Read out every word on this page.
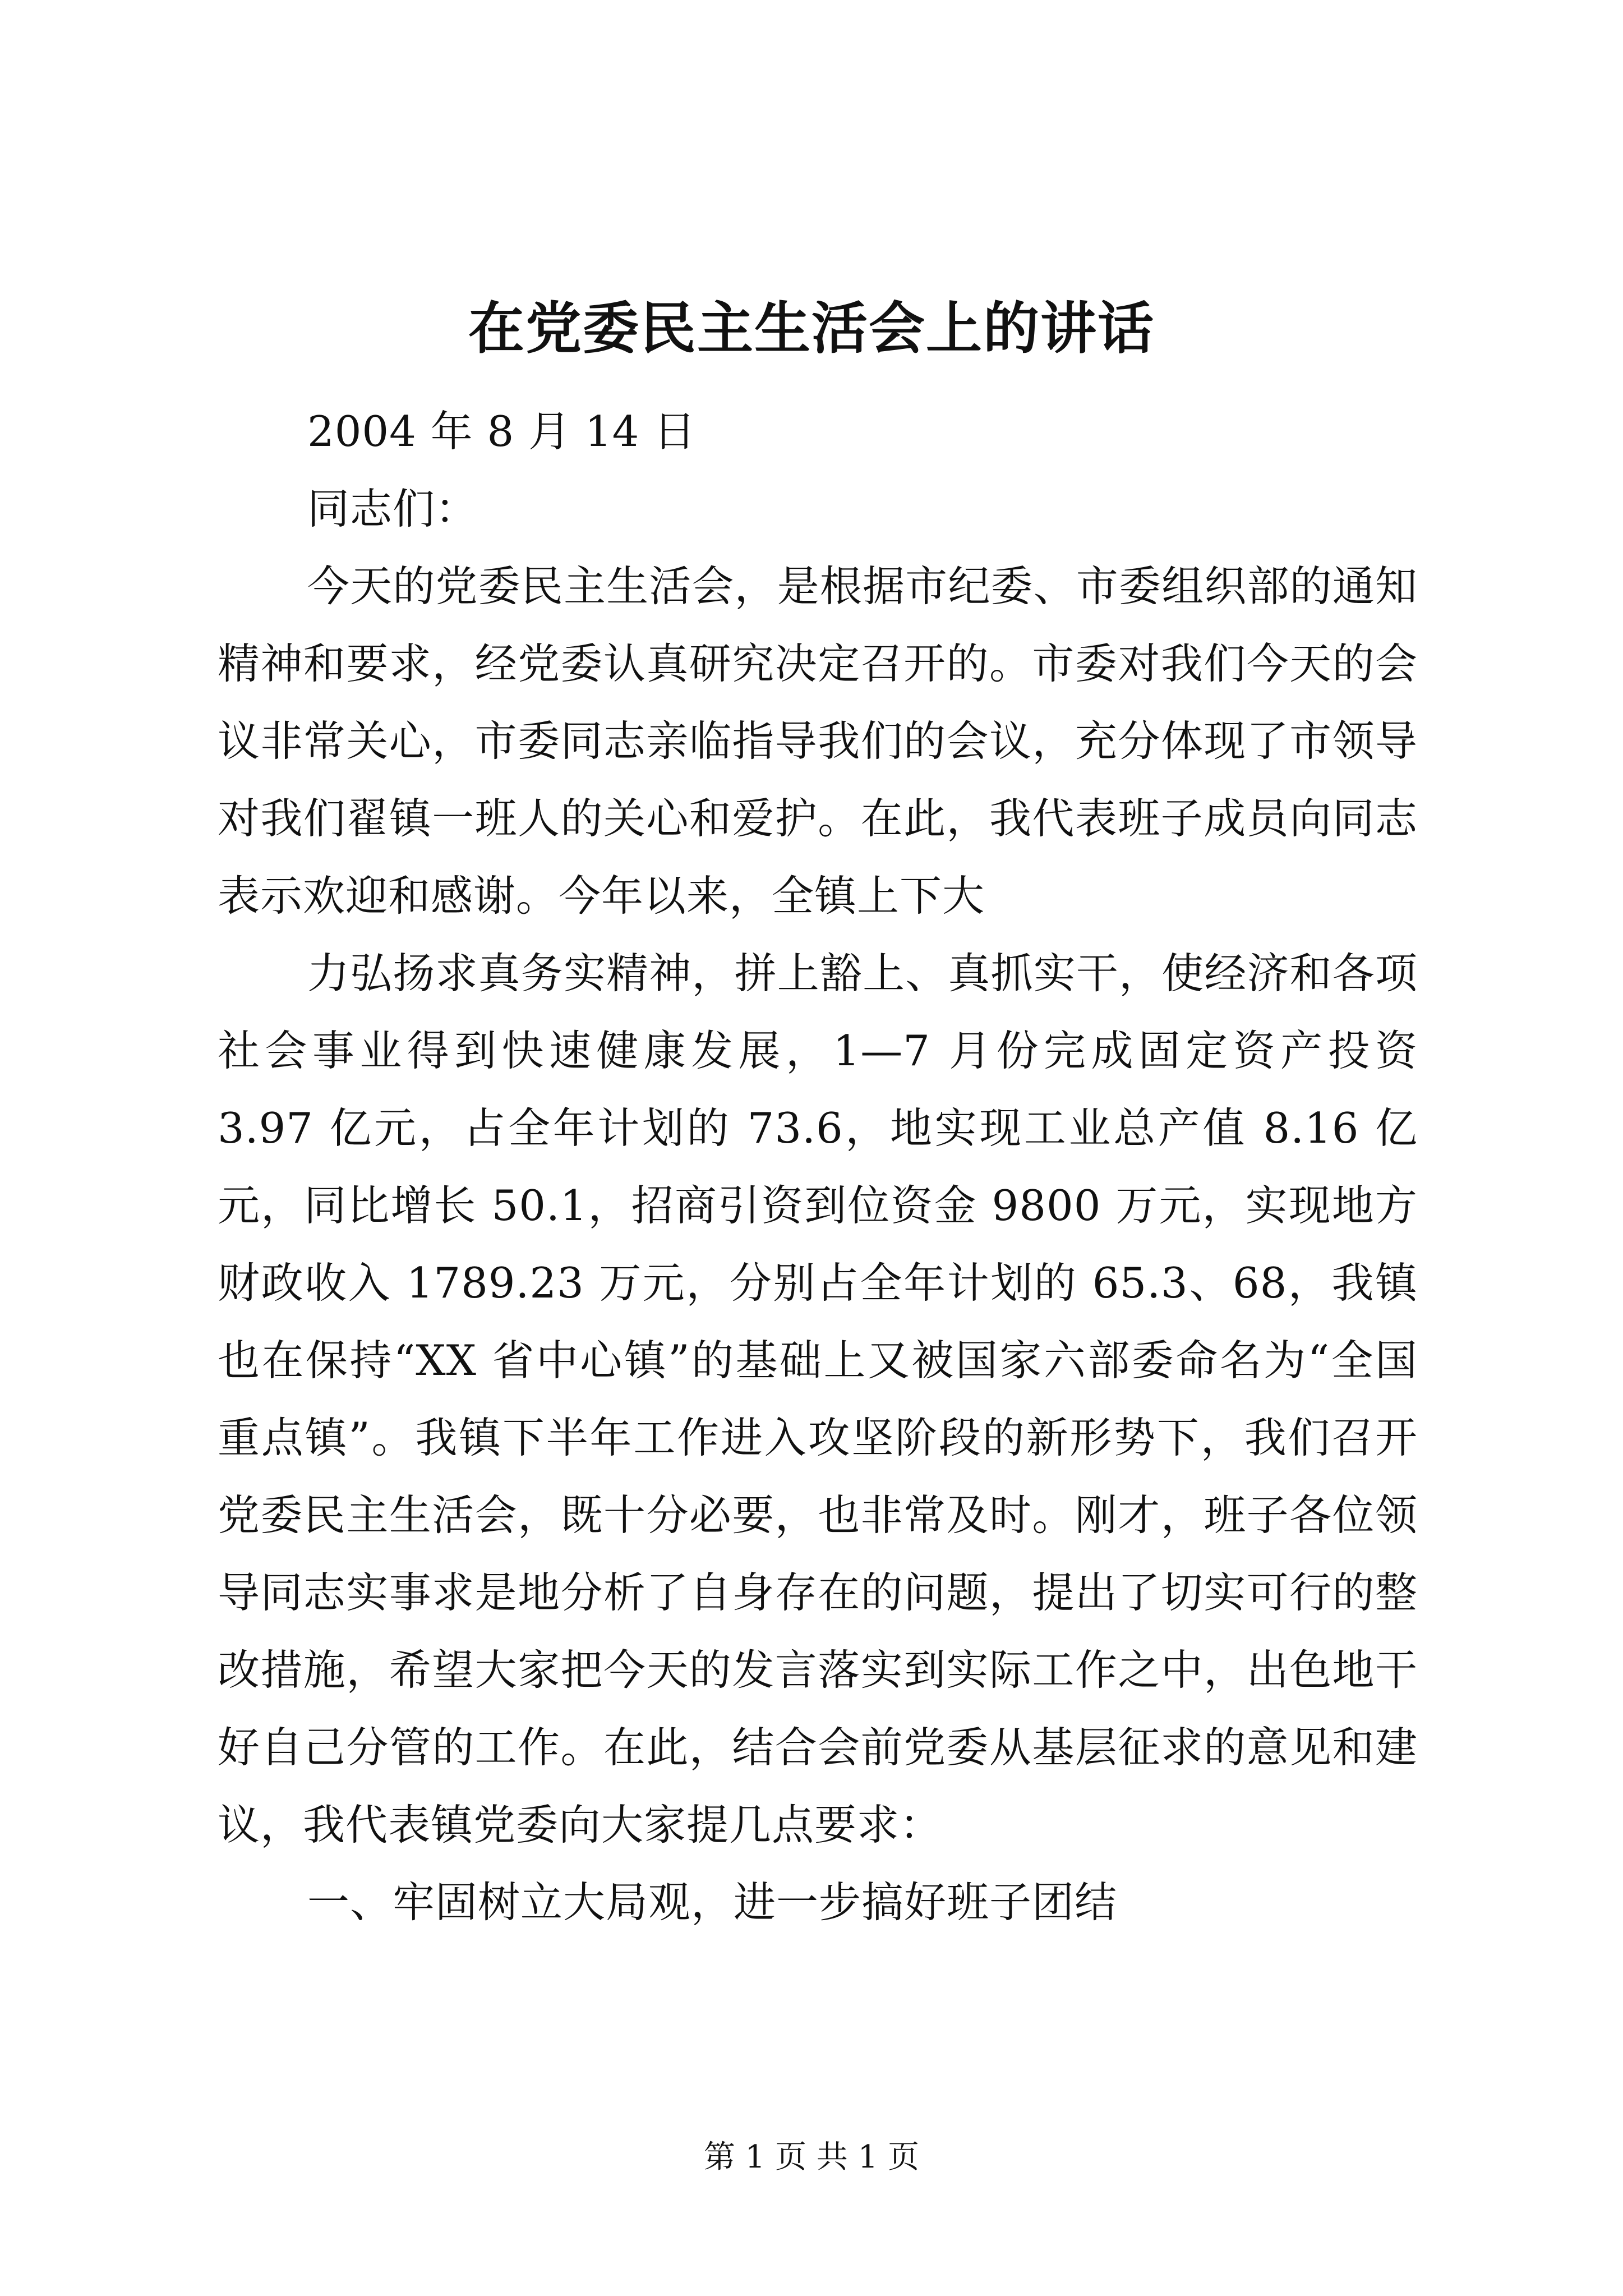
在党委民主生活会上的讲话

2004 年 8 月 14 日

同志们：

今天的党委民主生活会，是根据市纪委、市委组织部的通知精神和要求，经党委认真研究决定召开的。市委对我们今天的会议非常关心，市委同志亲临指导我们的会议，充分体现了市领导对我们翟镇一班人的关心和爱护。在此，我代表班子成员向同志表示欢迎和感谢。今年以来，全镇上下大

力弘扬求真务实精神，拼上豁上、真抓实干，使经济和各项社会事业得到快速健康发展，1—7 月份完成固定资产投资 3.97 亿元，占全年计划的 73.6，地实现工业总产值 8.16 亿元，同比增长 50.1，招商引资到位资金 9800 万元，实现地方财政收入 1789.23 万元，分别占全年计划的 65.3、68，我镇也在保持“XX 省中心镇”的基础上又被国家六部委命名为“全国重点镇”。我镇下半年工作进入攻坚阶段的新形势下，我们召开党委民主生活会，既十分必要，也非常及时。刚才，班子各位领导同志实事求是地分析了自身存在的问题，提出了切实可行的整改措施，希望大家把今天的发言落实到实际工作之中，出色地干好自己分管的工作。在此，结合会前党委从基层征求的意见和建议，我代表镇党委向大家提几点要求：

一、牢固树立大局观，进一步搞好班子团结

第 1 页 共 1 页
